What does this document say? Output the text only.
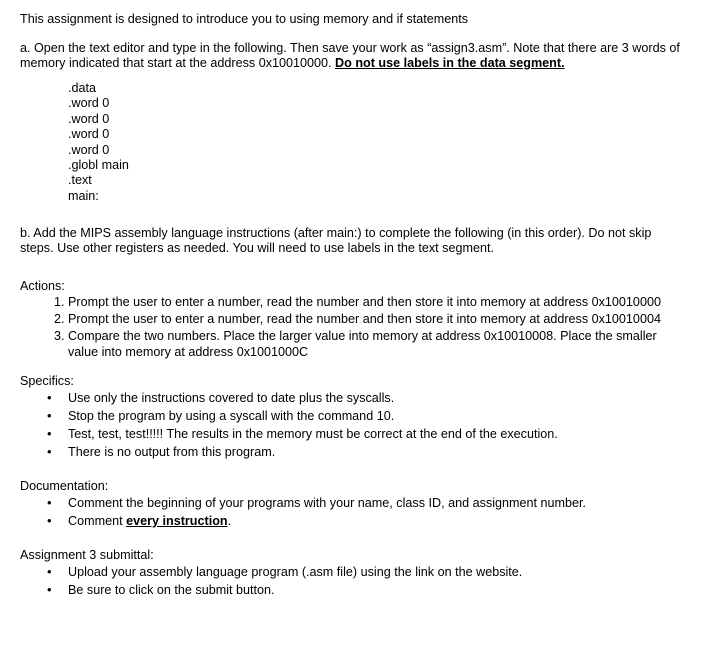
This assignment is designed to introduce you to using memory and if statements

a. Open the text editor and type in the following. Then save your work as “assign3.asm”. Note that there are 3 words of memory indicated that start at the address 0x10010000. Do not use labels in the data segment.

.data
.word 0
.word 0
.word 0
.word 0
.globl main
.text
main:

b. Add the MIPS assembly language instructions (after main:) to complete the following (in this order). Do not skip steps. Use other registers as needed. You will need to use labels in the text segment.

Actions:

1. Prompt the user to enter a number, read the number and then store it into memory at address 0x10010000
2. Prompt the user to enter a number, read the number and then store it into memory at address 0x10010004
3. Compare the two numbers. Place the larger value into memory at address 0x10010008. Place the smaller value into memory at address 0x1001000C

Specifics:

• Use only the instructions covered to date plus the syscalls.
• Stop the program by using a syscall with the command 10.
• Test, test, test!!!!! The results in the memory must be correct at the end of the execution.
• There is no output from this program.

Documentation:

• Comment the beginning of your programs with your name, class ID, and assignment number.
• Comment every instruction.

Assignment 3 submittal:

• Upload your assembly language program (.asm file) using the link on the website.
• Be sure to click on the submit button.
